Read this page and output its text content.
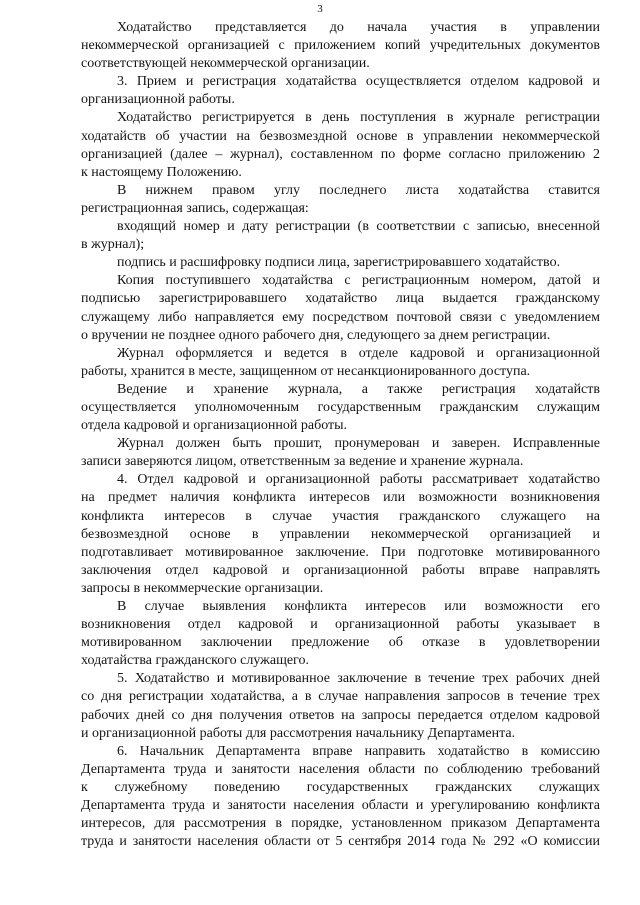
3
Ходатайство представляется до начала участия в управлении
некоммерческой организацией с приложением копий учредительных документов
соответствующей некоммерческой организации.
3. Прием и регистрация ходатайства осуществляется отделом кадровой и
организационной работы.
Ходатайство регистрируется в день поступления в журнале регистрации
ходатайств об участии на безвозмездной основе в управлении некоммерческой
организацией (далее – журнал), составленном по форме согласно приложению 2
к настоящему Положению.
В нижнем правом углу последнего листа ходатайства ставится
регистрационная запись, содержащая:
входящий номер и дату регистрации (в соответствии с записью, внесенной
в журнал);
подпись и расшифровку подписи лица, зарегистрировавшего ходатайство.
Копия поступившего ходатайства с регистрационным номером, датой и
подписью зарегистрировавшего ходатайство лица выдается гражданскому
служащему либо направляется ему посредством почтовой связи с уведомлением
о вручении не позднее одного рабочего дня, следующего за днем регистрации.
Журнал оформляется и ведется в отделе кадровой и организационной
работы, хранится в месте, защищенном от несанкционированного доступа.
Ведение и хранение журнала, а также регистрация ходатайств
осуществляется уполномоченным государственным гражданским служащим
отдела кадровой и организационной работы.
Журнал должен быть прошит, пронумерован и заверен. Исправленные
записи заверяются лицом, ответственным за ведение и хранение журнала.
4. Отдел кадровой и организационной работы рассматривает ходатайство
на предмет наличия конфликта интересов или возможности возникновения
конфликта интересов в случае участия гражданского служащего на
безвозмездной основе в управлении некоммерческой организацией и
подготавливает мотивированное заключение. При подготовке мотивированного
заключения отдел кадровой и организационной работы вправе направлять
запросы в некоммерческие организации.
В случае выявления конфликта интересов или возможности его
возникновения отдел кадровой и организационной работы указывает в
мотивированном заключении предложение об отказе в удовлетворении
ходатайства гражданского служащего.
5. Ходатайство и мотивированное заключение в течение трех рабочих дней
со дня регистрации ходатайства, а в случае направления запросов в течение трех
рабочих дней со дня получения ответов на запросы передается отделом кадровой
и организационной работы для рассмотрения начальнику Департамента.
6. Начальник Департамента вправе направить ходатайство в комиссию
Департамента труда и занятости населения области по соблюдению требований
к служебному поведению государственных гражданских служащих
Департамента труда и занятости населения области и урегулированию конфликта
интересов, для рассмотрения в порядке, установленном приказом Департамента
труда и занятости населения области от 5 сентября 2014 года № 292 «О комиссии
